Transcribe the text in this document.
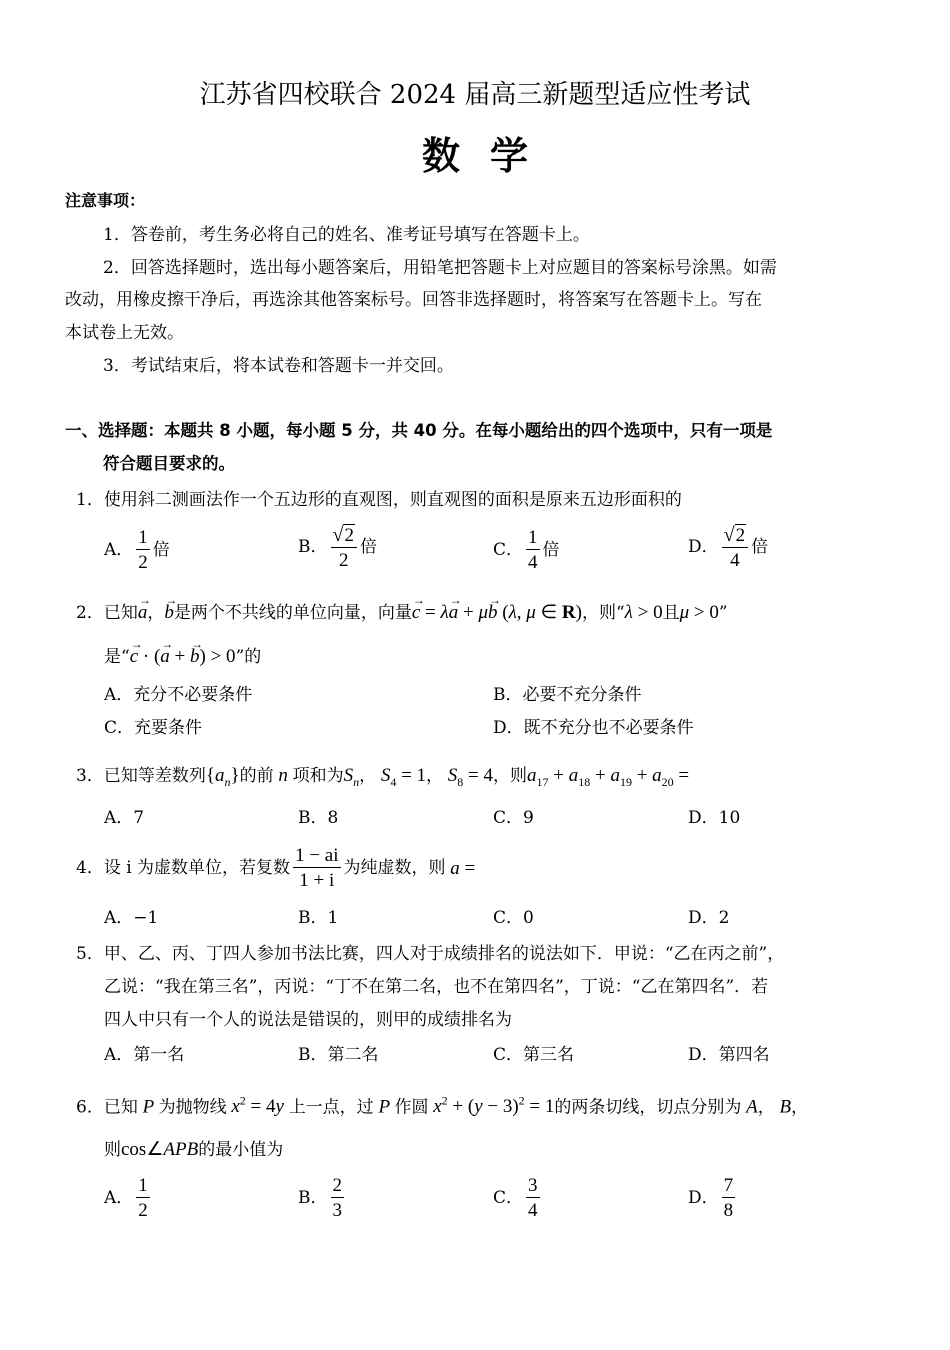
江苏省四校联合 2024 届高三新题型适应性考试
数学
注意事项：
1．答卷前，考生务必将自己的姓名、准考证号填写在答题卡上。
2．回答选择题时，选出每小题答案后，用铅笔把答题卡上对应题目的答案标号涂黑。如需
改动，用橡皮擦干净后，再选涂其他答案标号。回答非选择题时，将答案写在答题卡上。写在
本试卷上无效。
3．考试结束后，将本试卷和答题卡一并交回。
一、选择题：本题共 8 小题，每小题 5 分，共 40 分。在每小题给出的四个选项中，只有一项是
符合题目要求的。
1．使用斜二测画法作一个五边形的直观图，则直观图的面积是原来五边形面积的
A． $\frac{1}{2}$ 倍	B． $\frac{√ 2}{2}$ 倍	C． $\frac{1}{4}$ 倍	D． $\frac{√ 2}{4}$ 倍
2．已知→ a，→ b是两个不共线的单位向量，向量→ c = λ→ a + μ→ b (λ, μ ∈ R)，则“λ > 0且μ > 0”
是“→ c · (→ a + → b) > 0”的
A．充分不必要条件	B．必要不充分条件
C．充要条件	D．既不充分也不必要条件
3．已知等差数列$\{a_n\}$的前 n 项和为$S_n$， $S_4 = 1$， $S_8 = 4$，则$a_{17} + a_{18} + a_{19} + a_{20}$ =
A．7	B．8	C．9	D．10
4．设 i 为虚数单位，若复数 $\frac{1 - ai}{1 + i}$ 为纯虚数，则 a =
A．−1	B．1	C．0	D．2
5．甲、乙、丙、丁四人参加书法比赛，四人对于成绩排名的说法如下．甲说：“乙在丙之前”，
乙说：“我在第三名”，丙说：“丁不在第二名，也不在第四名”，丁说：“乙在第四名”．若
四人中只有一个人的说法是错误的，则甲的成绩排名为
A．第一名	B．第二名	C．第三名	D．第四名
6．已知 P 为抛物线 $x^2 = 4y$ 上一点，过 P 作圆 $x^2 + (y - 3)^2 = 1$的两条切线，切点分别为 A， B，
则cos∠APB的最小值为
A． $\frac{1}{2}$	B． $\frac{2}{3}$	C． $\frac{3}{4}$	D． $\frac{7}{8}$
